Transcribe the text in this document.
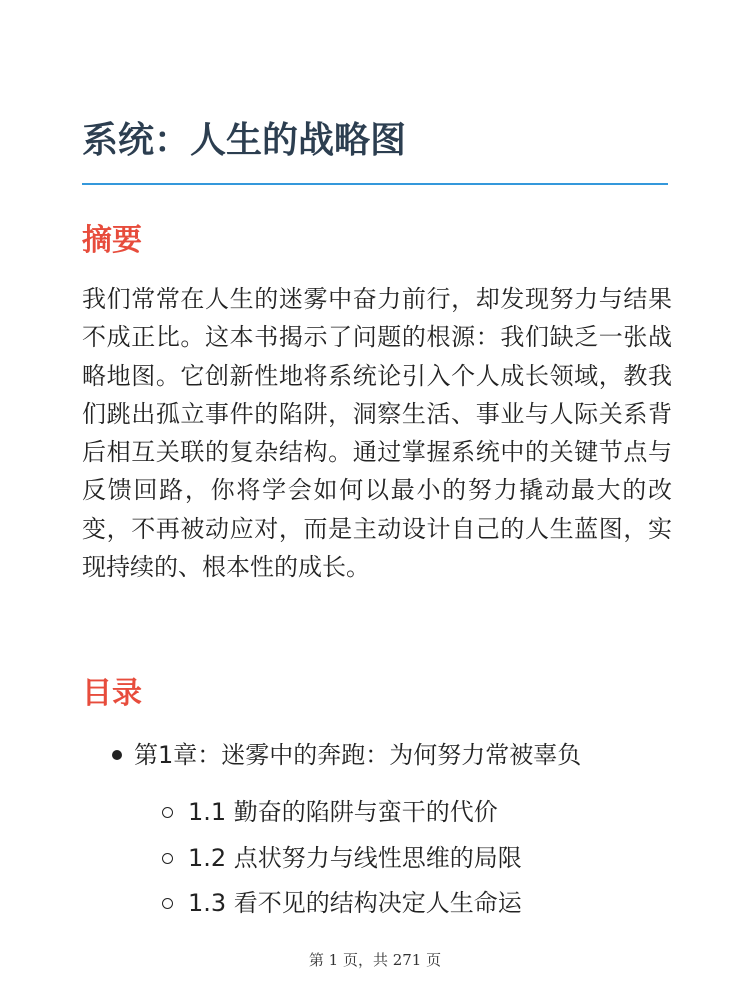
系统：人生的战略图
摘要

我们常常在人生的迷雾中奋力前行，却发现努力与结果不成正比。这本书揭示了问题的根源：我们缺乏一张战略地图。它创新性地将系统论引入个人成长领域，教我们跳出孤立事件的陷阱，洞察生活、事业与人际关系背后相互关联的复杂结构。通过掌握系统中的关键节点与反馈回路，你将学会如何以最小的努力撬动最大的改变，不再被动应对，而是主动设计自己的人生蓝图，实现持续的、根本性的成长。

目录
第1章：迷雾中的奔跑：为何努力常被辜负
1.1 勤奋的陷阱与蛮干的代价
1.2 点状努力与线性思维的局限
1.3 看不见的结构决定人生命运
第 1 页，共 271 页
